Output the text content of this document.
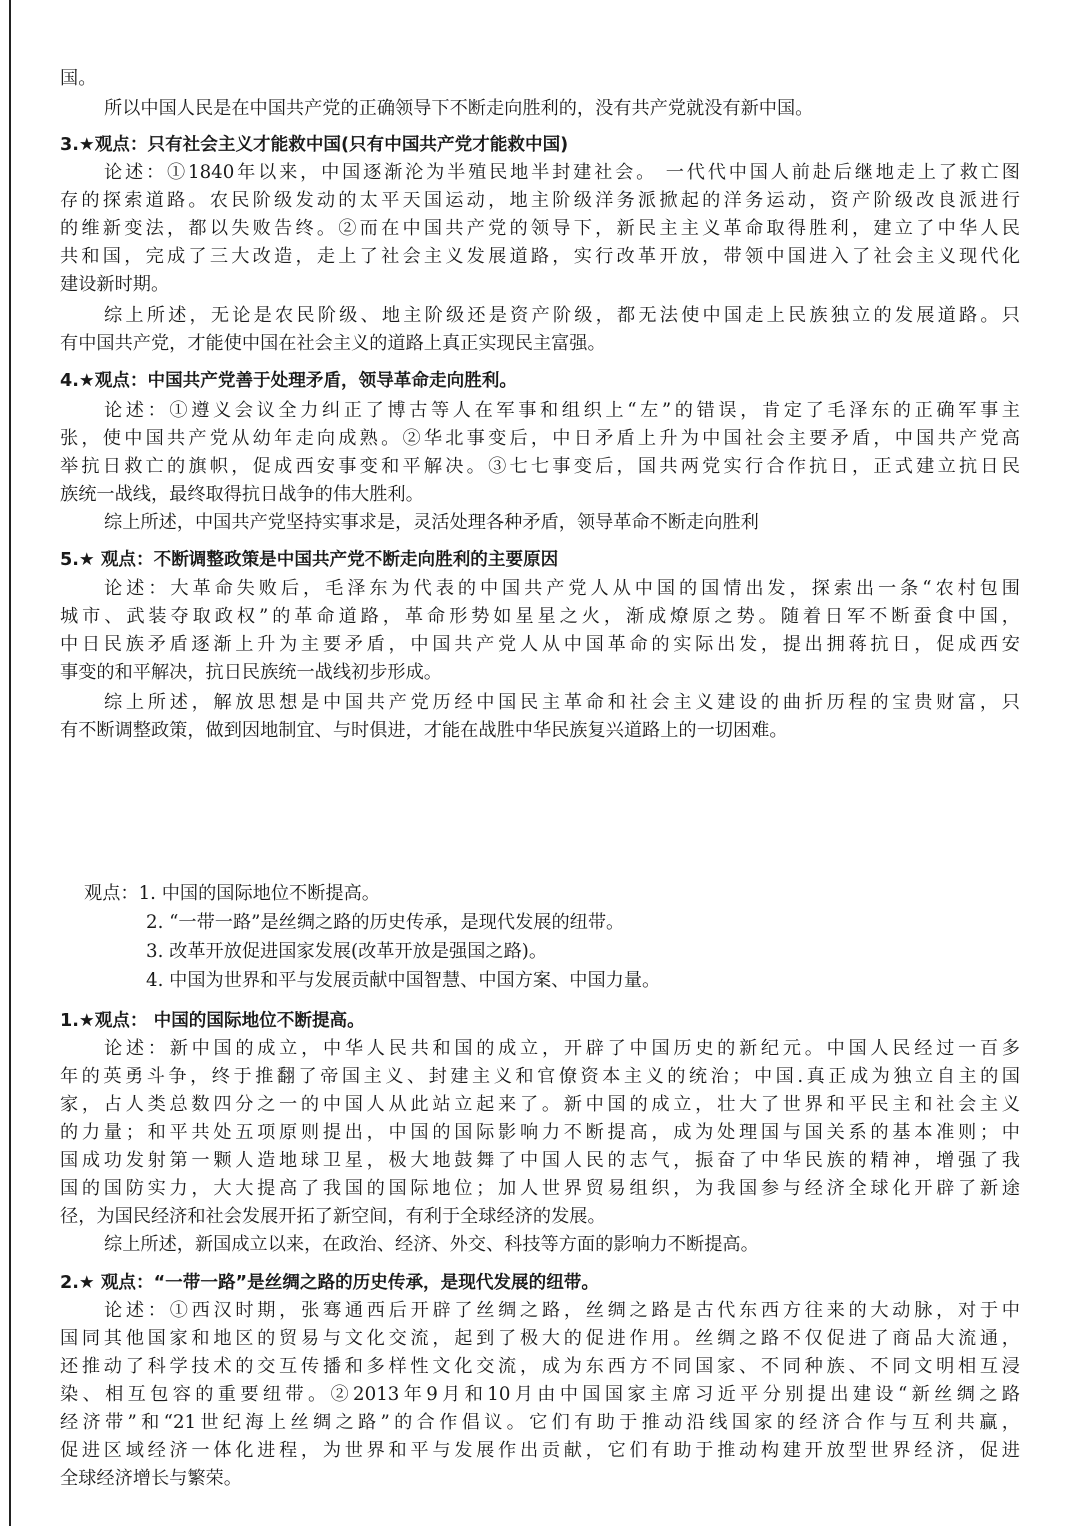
国。
所以中国人民是在中国共产党的正确领导下不断走向胜利的，没有共产党就没有新中国。
3.★观点：只有社会主义才能救中国(只有中国共产党才能救中国)
论述：①1840年以来，中国逐渐沦为半殖民地半封建社会。 一代代中国人前赴后继地走上了救亡图
存的探索道路。农民阶级发动的太平天国运动，地主阶级洋务派掀起的洋务运动，资产阶级改良派进行
的维新变法，都以失败告终。②而在中国共产党的领导下，新民主主义革命取得胜利，建立了中华人民
共和国，完成了三大改造，走上了社会主义发展道路，实行改革开放，带领中国进入了社会主义现代化
建设新时期。
综上所述，无论是农民阶级、地主阶级还是资产阶级，都无法使中国走上民族独立的发展道路。只
有中国共产党，才能使中国在社会主义的道路上真正实现民主富强。
4.★观点：中国共产党善于处理矛盾，领导革命走向胜利。
论述：①遵义会议全力纠正了博古等人在军事和组织上“左”的错误，肯定了毛泽东的正确军事主
张，使中国共产党从幼年走向成熟。②华北事变后，中日矛盾上升为中国社会主要矛盾，中国共产党高
举抗日救亡的旗帜，促成西安事变和平解决。③七七事变后，国共两党实行合作抗日，正式建立抗日民
族统一战线，最终取得抗日战争的伟大胜利。
综上所述，中国共产党坚持实事求是，灵活处理各种矛盾，领导革命不断走向胜利
5.★ 观点：不断调整政策是中国共产党不断走向胜利的主要原因
论述：大革命失败后，毛泽东为代表的中国共产党人从中国的国情出发，探索出一条“农村包围
城市、武装夺取政权”的革命道路，革命形势如星星之火，渐成燎原之势。随着日军不断蚕食中国，
中日民族矛盾逐渐上升为主要矛盾，中国共产党人从中国革命的实际出发，提出拥蒋抗日，促成西安
事变的和平解决，抗日民族统一战线初步形成。
综上所述，解放思想是中国共产党历经中国民主革命和社会主义建设的曲折历程的宝贵财富，只
有不断调整政策，做到因地制宜、与时俱进，才能在战胜中华民族复兴道路上的一切困难。
观点：1. 中国的国际地位不断提高。
2. “一带一路”是丝绸之路的历史传承，是现代发展的纽带。
3. 改革开放促进国家发展(改革开放是强国之路)。
4. 中国为世界和平与发展贡献中国智慧、中国方案、中国力量。
1.★观点： 中国的国际地位不断提高。
论述：新中国的成立，中华人民共和国的成立，开辟了中国历史的新纪元。中国人民经过一百多
年的英勇斗争，终于推翻了帝国主义、封建主义和官僚资本主义的统治；中国.真正成为独立自主的国
家，占人类总数四分之一的中国人从此站立起来了。新中国的成立，壮大了世界和平民主和社会主义
的力量；和平共处五项原则提出，中国的国际影响力不断提高，成为处理国与国关系的基本准则；中
国成功发射第一颗人造地球卫星，极大地鼓舞了中国人民的志气，振奋了中华民族的精神，增强了我
国的国防实力，大大提高了我国的国际地位；加人世界贸易组织，为我国参与经济全球化开辟了新途
径，为国民经济和社会发展开拓了新空间，有利于全球经济的发展。
综上所述，新国成立以来，在政治、经济、外交、科技等方面的影响力不断提高。
2.★ 观点：“一带一路”是丝绸之路的历史传承，是现代发展的纽带。
论述：①西汉时期，张骞通西后开辟了丝绸之路，丝绸之路是古代东西方往来的大动脉，对于中
国同其他国家和地区的贸易与文化交流，起到了极大的促进作用。丝绸之路不仅促进了商品大流通，
还推动了科学技术的交互传播和多样性文化交流，成为东西方不同国家、不同种族、不同文明相互浸
染、相互包容的重要纽带。②2013年9月和10月由中国国家主席习近平分别提出建设“新丝绸之路
经济带”和“21世纪海上丝绸之路”的合作倡议。它们有助于推动沿线国家的经济合作与互利共赢，
促进区域经济一体化进程，为世界和平与发展作出贡献，它们有助于推动构建开放型世界经济，促进
全球经济增长与繁荣。
